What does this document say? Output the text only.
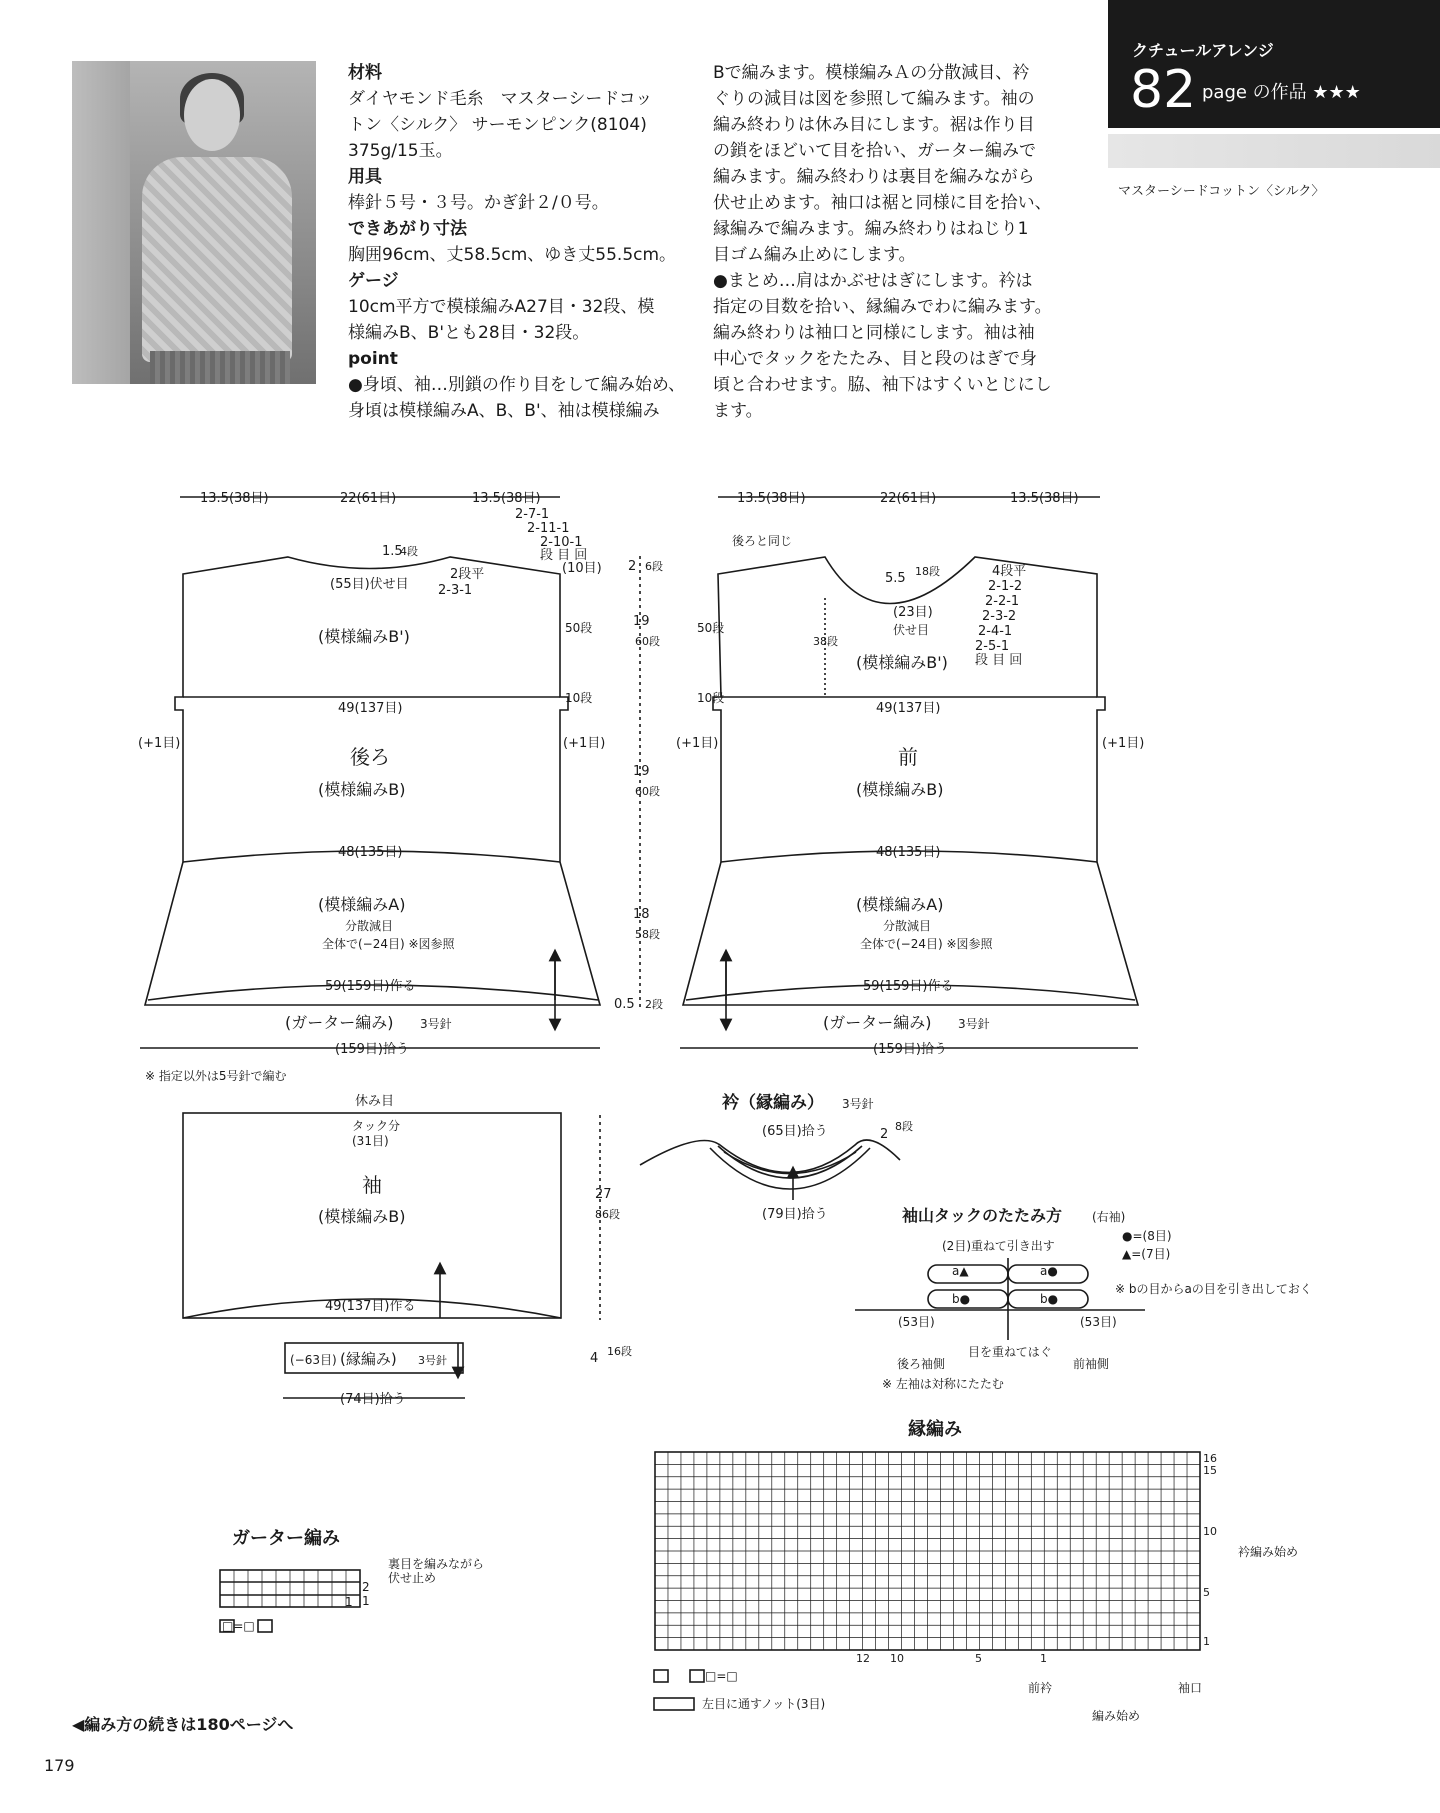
材料
ダイヤモンド毛糸　マスターシードコッ
トン〈シルク〉 サーモンピンク(8104)
375g/15玉。
用具
棒針５号・３号。かぎ針２/０号。
できあがり寸法
胸囲96cm、丈58.5cm、ゆき丈55.5cm。
ゲージ
10cm平方で模様編みA27目・32段、模
様編みB、B'とも28目・32段。
point
●身頃、袖…別鎖の作り目をして編み始め、
身頃は模様編みA、B、B'、袖は模様編み
Bで編みます。模様編みＡの分散減目、衿
ぐりの減目は図を参照して編みます。袖の
編み終わりは休み目にします。裾は作り目
の鎖をほどいて目を拾い、ガーター編みで
編みます。編み終わりは裏目を編みながら
伏せ止めます。袖口は裾と同様に目を拾い、
縁編みで編みます。編み終わりはねじり1
目ゴム編み止めにします。
●まとめ…肩はかぶせはぎにします。衿は
指定の目数を拾い、縁編みでわに編みます。
編み終わりは袖口と同様にします。袖は袖
中心でタックをたたみ、目と段のはぎで身
頃と合わせます。脇、袖下はすくいとじにし
ます。
クチュールアレンジ
82 page の作品 ★★★
マスターシードコットン〈シルク〉
13.5(38目)	22(61目)	13.5(38目)
1.5
4段
(55目)伏せ目
2段平
2-3-1
2-7-1
2-11-1
2-10-1
段 目 回
(10目)
(模様編みB')	50段
10段
49(137目)
(+1目)	(+1目)
後ろ
(模様編みB)
48(135目)
(模様編みA)
分散減目
全体で(−24目) ※図参照
59(159目)作る
(ガーター編み) 3号針
(159目)拾う
2 6段
19
60段
19
60段
18
58段
0.5 2段
13.5(38目)	22(61目)	13.5(38目)
後ろと同じ
5.5 18段
(23目)
伏せ目
4段平
2-1-2
2-2-1
2-3-2
2-4-1
2-5-1
段 目 回
38段
(模様編みB')
50段
10段
49(137目)
(+1目)	(+1目)
前
(模様編みB)
48(135目)
(模様編みA)
分散減目
全体で(−24目) ※図参照
59(159目)作る
(ガーター編み) 3号針
(159目)拾う
※ 指定以外は5号針で編む
休み目
タック分
(31目)
袖
(模様編みB)
27
86段
49(137目)作る
(−63目) (縁編み) 3号針	4 16段
(74目)拾う
衿（縁編み） 3号針
(65目)拾う	2
8段
(79目)拾う	袖山タックのたたみ方 (右袖)
●=(8目)
▲=(7目)
(2目)重ねて引き出す
a▲	a●
b●	b●
※ bの目からaの目を引き出しておく
(53目)	(53目)
目を重ねてはぐ
後ろ袖側	前袖側
※ 左袖は対称にたたむ
縁編み
16
15
10
5
1
12 10	5	1
衿編み始め
前衿	袖口
編み始め
□=□
左目に通すノット(3目)
ガーター編み
裏目を編みながら
伏せ止め
2
1
1
□=□
◀編み方の続きは180ページへ
179
